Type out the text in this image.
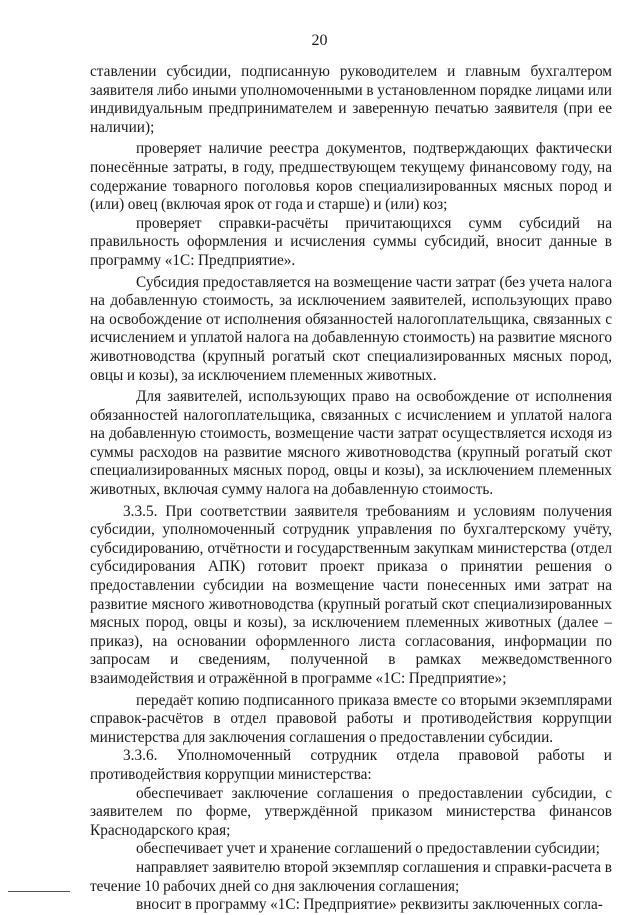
20

ставлении субсидии, подписанную руководителем и главным бухгалтером заявителя либо иными уполномоченными в установленном порядке лицами или индивидуальным предпринимателем и заверенную печатью заявителя (при ее наличии);

проверяет наличие реестра документов, подтверждающих фактически понесённые затраты, в году, предшествующем текущему финансовому году, на содержание товарного поголовья коров специализированных мясных пород и (или) овец (включая ярок от года и старше) и (или) коз;

проверяет справки-расчёты причитающихся сумм субсидий на правильность оформления и исчисления суммы субсидий, вносит данные в программу «1С: Предприятие».

Субсидия предоставляется на возмещение части затрат (без учета налога на добавленную стоимость, за исключением заявителей, использующих право на освобождение от исполнения обязанностей налогоплательщика, связанных с исчислением и уплатой налога на добавленную стоимость) на развитие мясного животноводства (крупный рогатый скот специализированных мясных пород, овцы и козы), за исключением племенных животных.

Для заявителей, использующих право на освобождение от исполнения обязанностей налогоплательщика, связанных с исчислением и уплатой налога на добавленную стоимость, возмещение части затрат осуществляется исходя из суммы расходов на развитие мясного животноводства (крупный рогатый скот специализированных мясных пород, овцы и козы), за исключением племенных животных, включая сумму налога на добавленную стоимость.

3.3.5. При соответствии заявителя требованиям и условиям получения субсидии, уполномоченный сотрудник управления по бухгалтерскому учёту, субсидированию, отчётности и государственным закупкам министерства (отдел субсидирования АПК) готовит проект приказа о принятии решения о предоставлении субсидии на возмещение части понесенных ими затрат на развитие мясного животноводства (крупный рогатый скот специализированных мясных пород, овцы и козы), за исключением племенных животных (далее – приказ), на основании оформленного листа согласования, информации по запросам и сведениям, полученной в рамках межведомственного взаимодействия и отражённой в программе «1С: Предприятие»;

передаёт копию подписанного приказа вместе со вторыми экземплярами справок-расчётов в отдел правовой работы и противодействия коррупции министерства для заключения соглашения о предоставлении субсидии.

3.3.6. Уполномоченный сотрудник отдела правовой работы и противодействия коррупции министерства:

обеспечивает заключение соглашения о предоставлении субсидии, с заявителем по форме, утверждённой приказом министерства финансов Краснодарского края;

обеспечивает учет и хранение соглашений о предоставлении субсидии;

направляет заявителю второй экземпляр соглашения и справки-расчета в течение 10 рабочих дней со дня заключения соглашения;

вносит в программу «1С: Предприятие» реквизиты заключенных согла-
